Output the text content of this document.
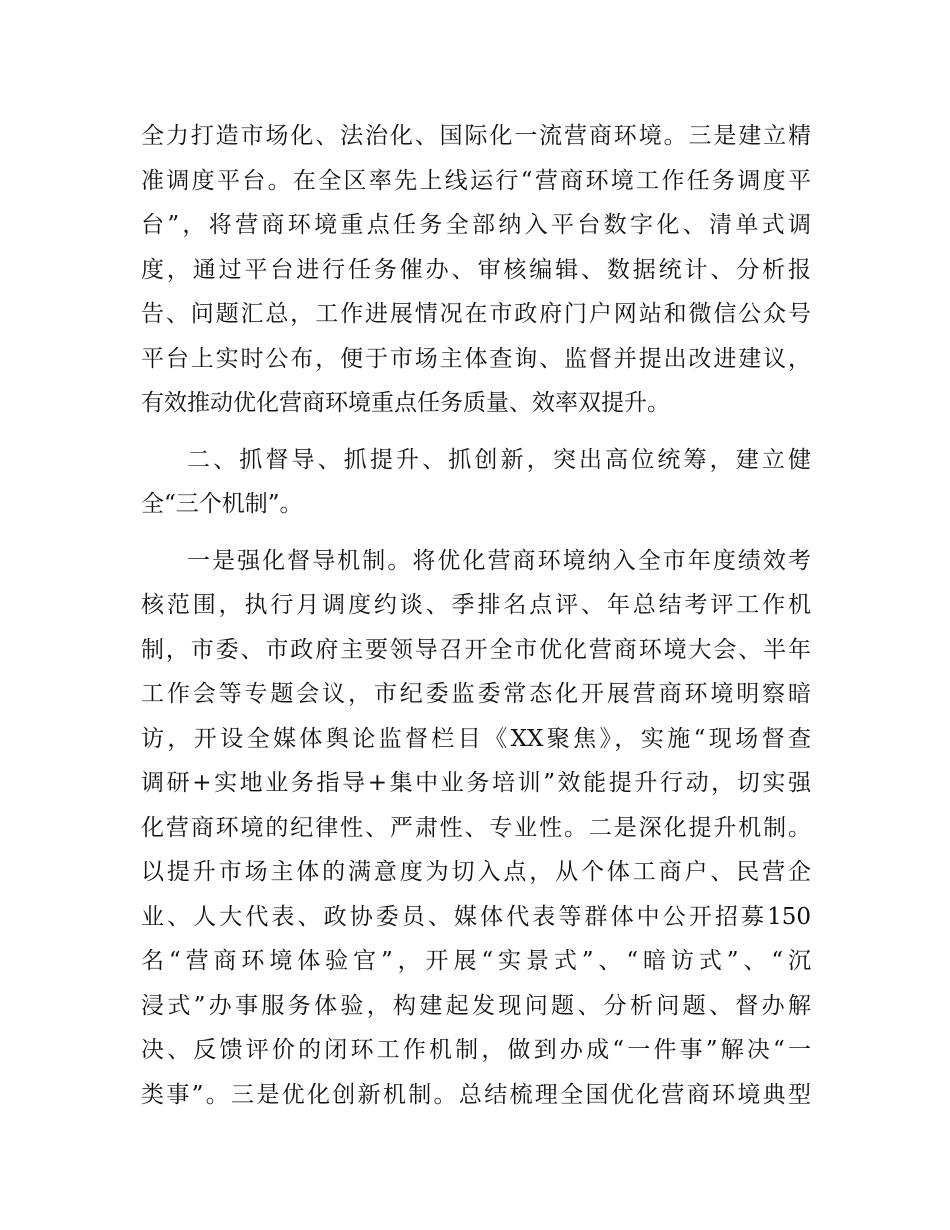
全力打造市场化、法治化、国际化一流营商环境。三是建立精
准调度平台。在全区率先上线运行“营商环境工作任务调度平
台”，将营商环境重点任务全部纳入平台数字化、清单式调
度，通过平台进行任务催办、审核编辑、数据统计、分析报
告、问题汇总，工作进展情况在市政府门户网站和微信公众号
平台上实时公布，便于市场主体查询、监督并提出改进建议，
有效推动优化营商环境重点任务质量、效率双提升。
二、抓督导、抓提升、抓创新，突出高位统筹，建立健
全“三个机制”。
一是强化督导机制。将优化营商环境纳入全市年度绩效考
核范围，执行月调度约谈、季排名点评、年总结考评工作机
制，市委、市政府主要领导召开全市优化营商环境大会、半年
工作会等专题会议，市纪委监委常态化开展营商环境明察暗
访，开设全媒体舆论监督栏目《XX聚焦》，实施“现场督查
调研+实地业务指导+集中业务培训”效能提升行动，切实强
化营商环境的纪律性、严肃性、专业性。二是深化提升机制。
以提升市场主体的满意度为切入点，从个体工商户、民营企
业、人大代表、政协委员、媒体代表等群体中公开招募150
名“营商环境体验官”，开展“实景式”、“暗访式”、“沉
浸式”办事服务体验，构建起发现问题、分析问题、督办解
决、反馈评价的闭环工作机制，做到办成“一件事”解决“一
类事”。三是优化创新机制。总结梳理全国优化营商环境典型
